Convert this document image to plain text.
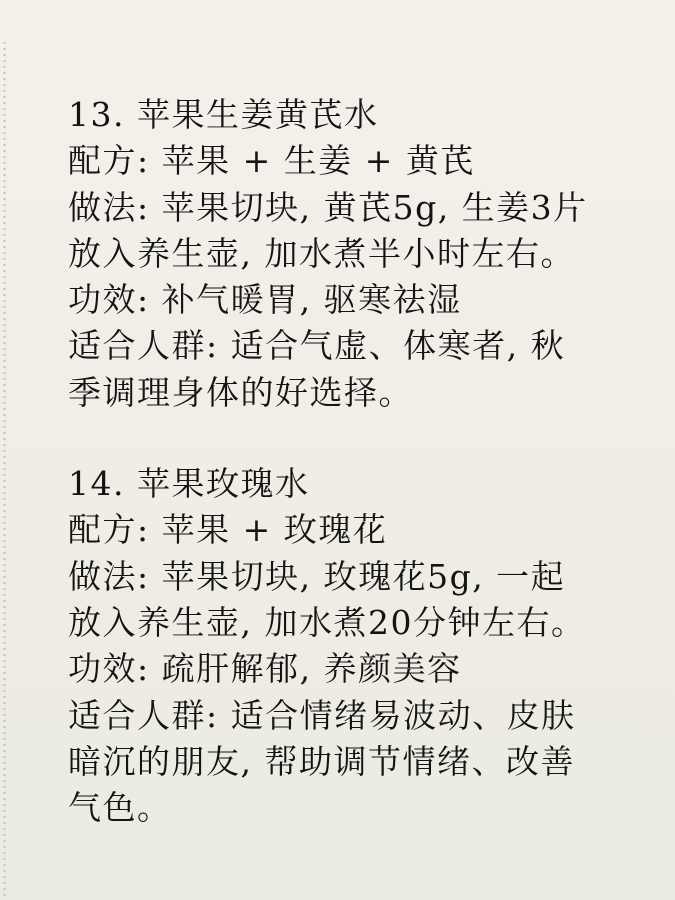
13. 苹果生姜黄芪水
配方: 苹果 + 生姜 + 黄芪
做法: 苹果切块, 黄芪5g, 生姜3片
放入养生壶, 加水煮半小时左右。
功效: 补气暖胃, 驱寒祛湿
适合人群: 适合气虚、体寒者, 秋
季调理身体的好选择。
14. 苹果玫瑰水
配方: 苹果 + 玫瑰花
做法: 苹果切块, 玫瑰花5g, 一起
放入养生壶, 加水煮20分钟左右。
功效: 疏肝解郁, 养颜美容
适合人群: 适合情绪易波动、皮肤
暗沉的朋友, 帮助调节情绪、改善
气色。
